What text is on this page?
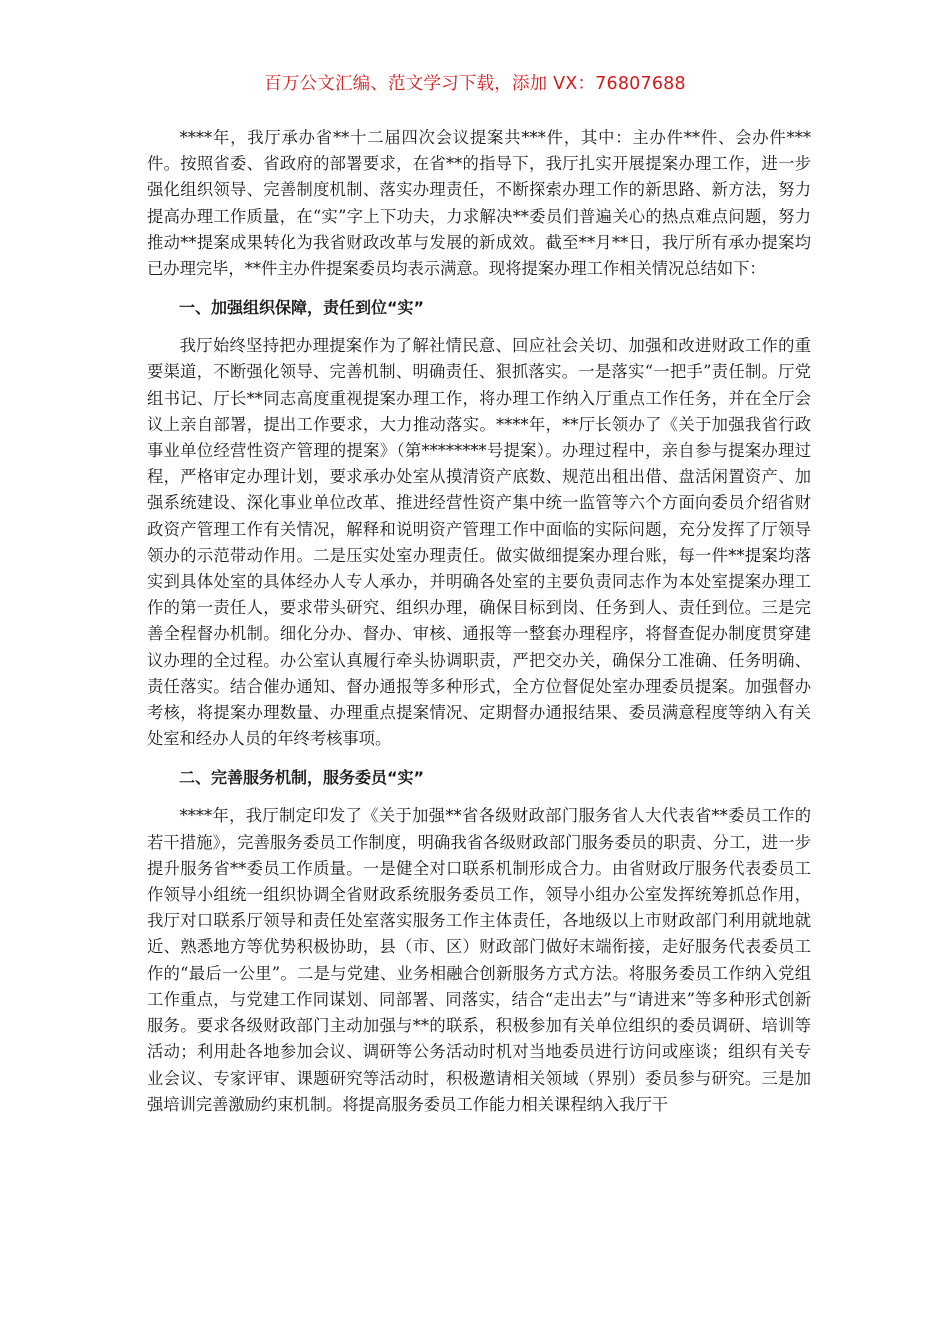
百万公文汇编、范文学习下载，添加 VX：76807688

****年，我厅承办省**十二届四次会议提案共***件，其中：主办件**件、会办件***件。按照省委、省政府的部署要求，在省**的指导下，我厅扎实开展提案办理工作，进一步强化组织领导、完善制度机制、落实办理责任，不断探索办理工作的新思路、新方法，努力提高办理工作质量，在“实”字上下功夫，力求解决**委员们普遍关心的热点难点问题，努力推动**提案成果转化为我省财政改革与发展的新成效。截至**月**日，我厅所有承办提案均已办理完毕，**件主办件提案委员均表示满意。现将提案办理工作相关情况总结如下：

一、加强组织保障，责任到位“实”

我厅始终坚持把办理提案作为了解社情民意、回应社会关切、加强和改进财政工作的重要渠道，不断强化领导、完善机制、明确责任、狠抓落实。一是落实“一把手”责任制。厅党组书记、厅长**同志高度重视提案办理工作，将办理工作纳入厅重点工作任务，并在全厅会议上亲自部署，提出工作要求，大力推动落实。****年，**厅长领办了《关于加强我省行政事业单位经营性资产管理的提案》（第********号提案）。办理过程中，亲自参与提案办理过程，严格审定办理计划，要求承办处室从摸清资产底数、规范出租出借、盘活闲置资产、加强系统建设、深化事业单位改革、推进经营性资产集中统一监管等六个方面向委员介绍省财政资产管理工作有关情况，解释和说明资产管理工作中面临的实际问题，充分发挥了厅领导领办的示范带动作用。二是压实处室办理责任。做实做细提案办理台账，每一件**提案均落实到具体处室的具体经办人专人承办，并明确各处室的主要负责同志作为本处室提案办理工作的第一责任人，要求带头研究、组织办理，确保目标到岗、任务到人、责任到位。三是完善全程督办机制。细化分办、督办、审核、通报等一整套办理程序，将督查促办制度贯穿建议办理的全过程。办公室认真履行牵头协调职责，严把交办关，确保分工准确、任务明确、责任落实。结合催办通知、督办通报等多种形式，全方位督促处室办理委员提案。加强督办考核，将提案办理数量、办理重点提案情况、定期督办通报结果、委员满意程度等纳入有关处室和经办人员的年终考核事项。

二、完善服务机制，服务委员“实”

****年，我厅制定印发了《关于加强**省各级财政部门服务省人大代表省**委员工作的若干措施》，完善服务委员工作制度，明确我省各级财政部门服务委员的职责、分工，进一步提升服务省**委员工作质量。一是健全对口联系机制形成合力。由省财政厅服务代表委员工作领导小组统一组织协调全省财政系统服务委员工作，领导小组办公室发挥统筹抓总作用，我厅对口联系厅领导和责任处室落实服务工作主体责任，各地级以上市财政部门利用就地就近、熟悉地方等优势积极协助，县（市、区）财政部门做好末端衔接，走好服务代表委员工作的“最后一公里”。二是与党建、业务相融合创新服务方式方法。将服务委员工作纳入党组工作重点，与党建工作同谋划、同部署、同落实，结合“走出去”与“请进来”等多种形式创新服务。要求各级财政部门主动加强与**的联系，积极参加有关单位组织的委员调研、培训等活动；利用赴各地参加会议、调研等公务活动时机对当地委员进行访问或座谈；组织有关专业会议、专家评审、课题研究等活动时，积极邀请相关领域（界别）委员参与研究。三是加强培训完善激励约束机制。将提高服务委员工作能力相关课程纳入我厅干
